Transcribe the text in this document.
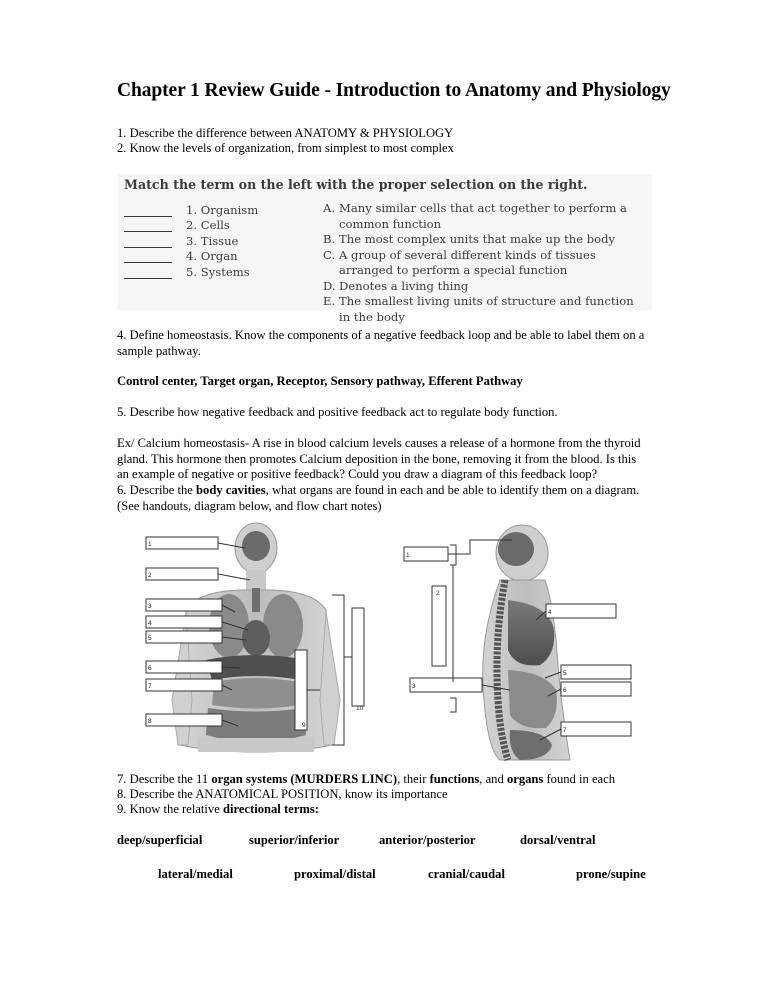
Chapter 1 Review Guide - Introduction to Anatomy and Physiology

1. Describe the difference between ANATOMY & PHYSIOLOGY

2. Know the levels of organization, from simplest to most complex

Match the term on the left with the proper selection on the right.
1. Organism
2. Cells
3. Tissue
4. Organ
5. Systems
A. Many similar cells that act together to perform a common function
B. The most complex units that make up the body
C. A group of several different kinds of tissues arranged to perform a special function
D. Denotes a living thing
E. The smallest living units of structure and function in the body

4. Define homeostasis. Know the components of a negative feedback loop and be able to label them on a sample pathway.

Control center, Target organ, Receptor, Sensory pathway, Efferent Pathway

5. Describe how negative feedback and positive feedback act to regulate body function.

Ex/ Calcium homeostasis- A rise in blood calcium levels causes a release of a hormone from the thyroid gland. This hormone then promotes Calcium deposition in the bone, removing it from the blood. Is this an example of negative or positive feedback? Could you draw a diagram of this feedback loop?

6. Describe the body cavities, what organs are found in each and be able to identify them on a diagram. (See handouts, diagram below, and flow chart notes)

1
2
3
4
5
6
7
8
9
10
1
2
3
4
5
6
7

7. Describe the 11 organ systems (MURDERS LINC), their functions, and organs found in each

8. Describe the ANATOMICAL POSITION, know its importance

9. Know the relative directional terms:

deep/superficial	superior/inferior	anterior/posterior	dorsal/ventral
lateral/medial	proximal/distal	cranial/caudal	prone/supine
